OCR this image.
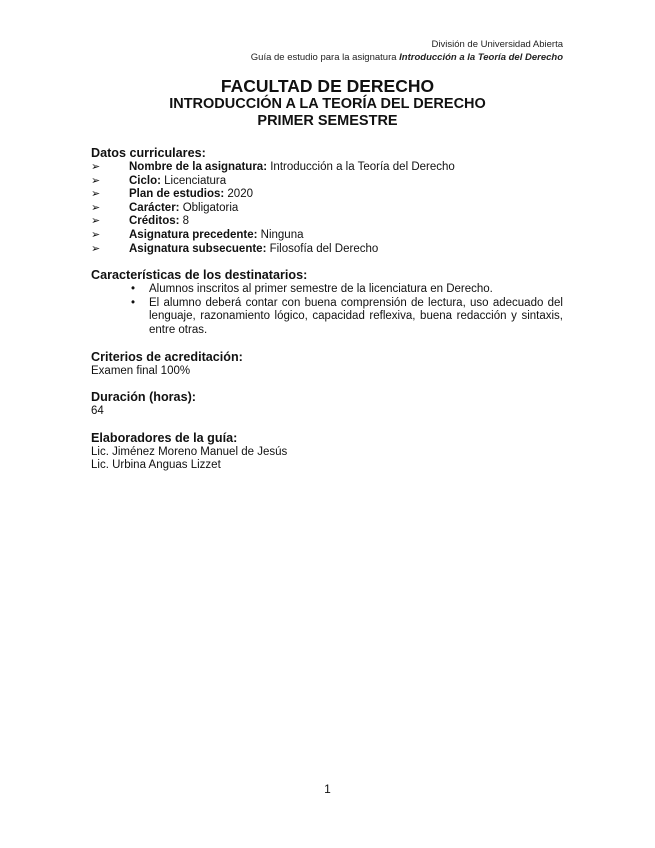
División de Universidad Abierta
Guía de estudio para la asignatura Introducción a la Teoría del Derecho
FACULTAD DE DERECHO
INTRODUCCIÓN A LA TEORÍA DEL DERECHO
PRIMER SEMESTRE
Datos curriculares:
➢	Nombre de la asignatura: Introducción a la Teoría del Derecho
➢	Ciclo: Licenciatura
➢	Plan de estudios: 2020
➢	Carácter: Obligatoria
➢	Créditos: 8
➢	Asignatura precedente: Ninguna
➢	Asignatura subsecuente: Filosofía del Derecho
Características de los destinatarios:
• Alumnos inscritos al primer semestre de la licenciatura en Derecho.
• El alumno deberá contar con buena comprensión de lectura, uso adecuado del lenguaje, razonamiento lógico, capacidad reflexiva, buena redacción y sintaxis, entre otras.
Criterios de acreditación:

Examen final 100%

Duración (horas):

64

Elaboradores de la guía:

Lic. Jiménez Moreno Manuel de Jesús

Lic. Urbina Anguas Lizzet

1
